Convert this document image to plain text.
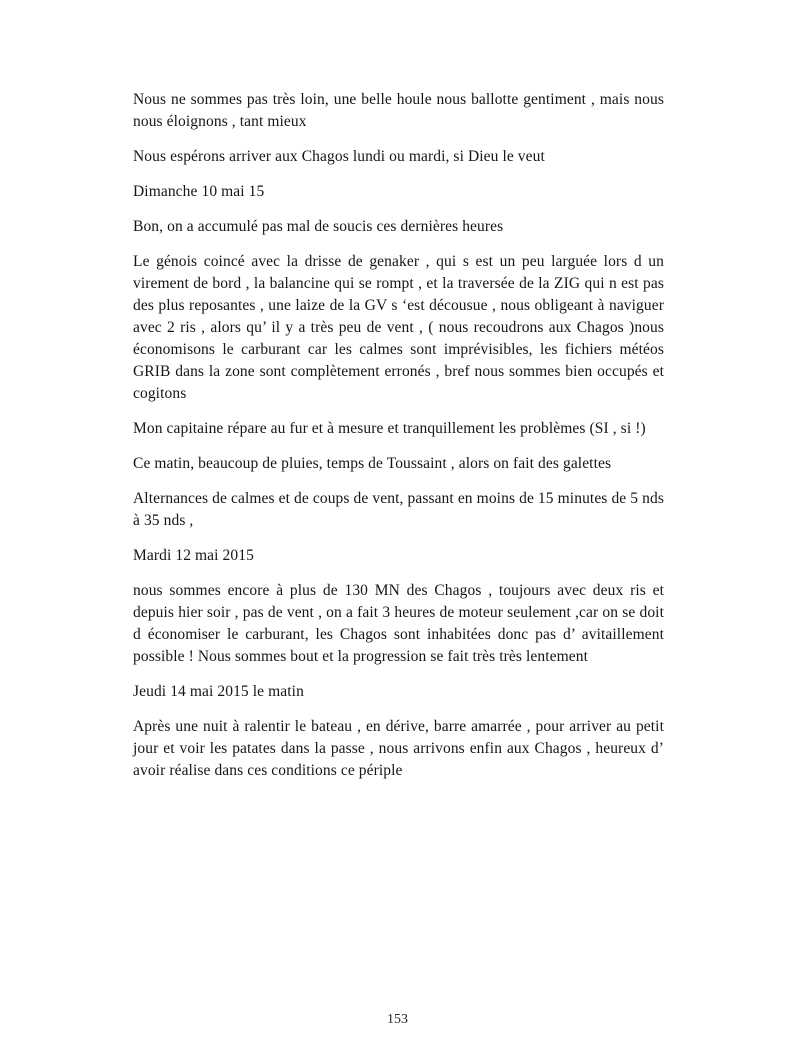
Nous ne sommes pas très loin, une belle houle nous ballotte gentiment , mais nous nous éloignons , tant mieux

Nous espérons arriver aux Chagos lundi ou mardi, si Dieu le veut

Dimanche 10 mai 15

Bon, on a accumulé pas mal de soucis ces dernières heures

Le génois coincé avec la drisse de genaker , qui s est un peu larguée lors d un virement de bord , la balancine qui se rompt , et la traversée de la ZIG qui n est pas des plus reposantes , une laize de la GV s ‘est décousue , nous obligeant à naviguer avec 2 ris , alors qu’ il y a très peu de vent , ( nous recoudrons aux Chagos )nous économisons le carburant car les calmes sont imprévisibles, les fichiers météos GRIB dans la zone sont complètement erronés , bref nous sommes bien occupés et cogitons

Mon capitaine répare au fur et à mesure et tranquillement les problèmes (SI , si !)

Ce matin, beaucoup de pluies, temps de Toussaint , alors on fait des galettes

Alternances de calmes et de coups de vent, passant en moins de 15 minutes de 5 nds à 35 nds ,

Mardi 12 mai 2015

nous sommes encore à plus de 130 MN des Chagos , toujours avec deux ris et depuis hier soir , pas de vent , on a fait 3 heures de moteur seulement ,car on se doit d économiser le carburant, les Chagos sont inhabitées donc pas d’ avitaillement possible ! Nous sommes bout et la progression se fait très très lentement

Jeudi 14 mai 2015 le matin

Après une nuit à ralentir le bateau , en dérive, barre amarrée , pour arriver au petit jour et voir les patates dans la passe , nous arrivons enfin aux Chagos , heureux d’ avoir réalise dans ces conditions ce périple

153
